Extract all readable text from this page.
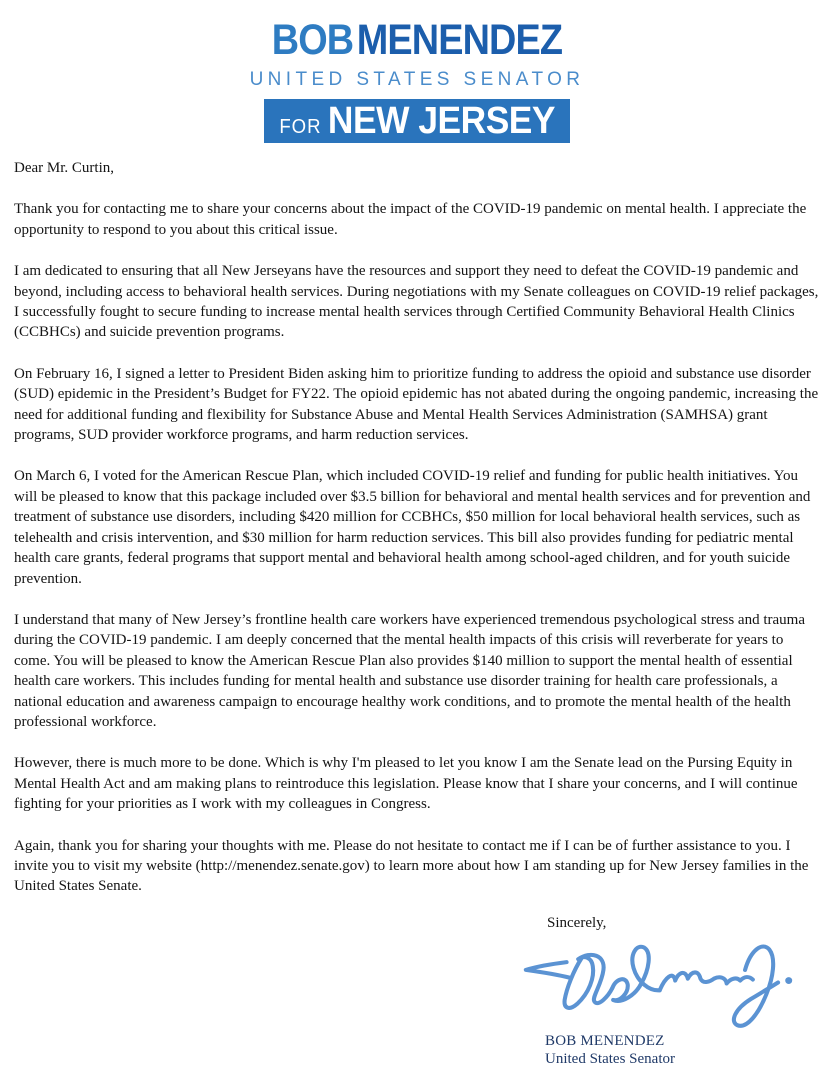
BOBMENENDEZ
UNITED STATES SENATOR
FOR NEW JERSEY

Dear Mr. Curtin,

Thank you for contacting me to share your concerns about the impact of the COVID-19 pandemic on mental health. I appreciate the opportunity to respond to you about this critical issue.

I am dedicated to ensuring that all New Jerseyans have the resources and support they need to defeat the COVID-19 pandemic and beyond, including access to behavioral health services. During negotiations with my Senate colleagues on COVID-19 relief packages, I successfully fought to secure funding to increase mental health services through Certified Community Behavioral Health Clinics (CCBHCs) and suicide prevention programs.

On February 16, I signed a letter to President Biden asking him to prioritize funding to address the opioid and substance use disorder (SUD) epidemic in the President’s Budget for FY22. The opioid epidemic has not abated during the ongoing pandemic, increasing the need for additional funding and flexibility for Substance Abuse and Mental Health Services Administration (SAMHSA) grant programs, SUD provider workforce programs, and harm reduction services.

On March 6, I voted for the American Rescue Plan, which included COVID-19 relief and funding for public health initiatives. You will be pleased to know that this package included over $3.5 billion for behavioral and mental health services and for prevention and treatment of substance use disorders, including $420 million for CCBHCs, $50 million for local behavioral health services, such as telehealth and crisis intervention, and $30 million for harm reduction services. This bill also provides funding for pediatric mental health care grants, federal programs that support mental and behavioral health among school-aged children, and for youth suicide prevention.

I understand that many of New Jersey’s frontline health care workers have experienced tremendous psychological stress and trauma during the COVID-19 pandemic. I am deeply concerned that the mental health impacts of this crisis will reverberate for years to come. You will be pleased to know the American Rescue Plan also provides $140 million to support the mental health of essential health care workers. This includes funding for mental health and substance use disorder training for health care professionals, a national education and awareness campaign to encourage healthy work conditions, and to promote the mental health of the health professional workforce.

However, there is much more to be done. Which is why I'm pleased to let you know I am the Senate lead on the Pursing Equity in Mental Health Act and am making plans to reintroduce this legislation. Please know that I share your concerns, and I will continue fighting for your priorities as I work with my colleagues in Congress.

Again, thank you for sharing your thoughts with me. Please do not hesitate to contact me if I can be of further assistance to you. I invite you to visit my website (http://menendez.senate.gov) to learn more about how I am standing up for New Jersey families in the United States Senate.

Sincerely,
BOB MENENDEZ
United States Senator
